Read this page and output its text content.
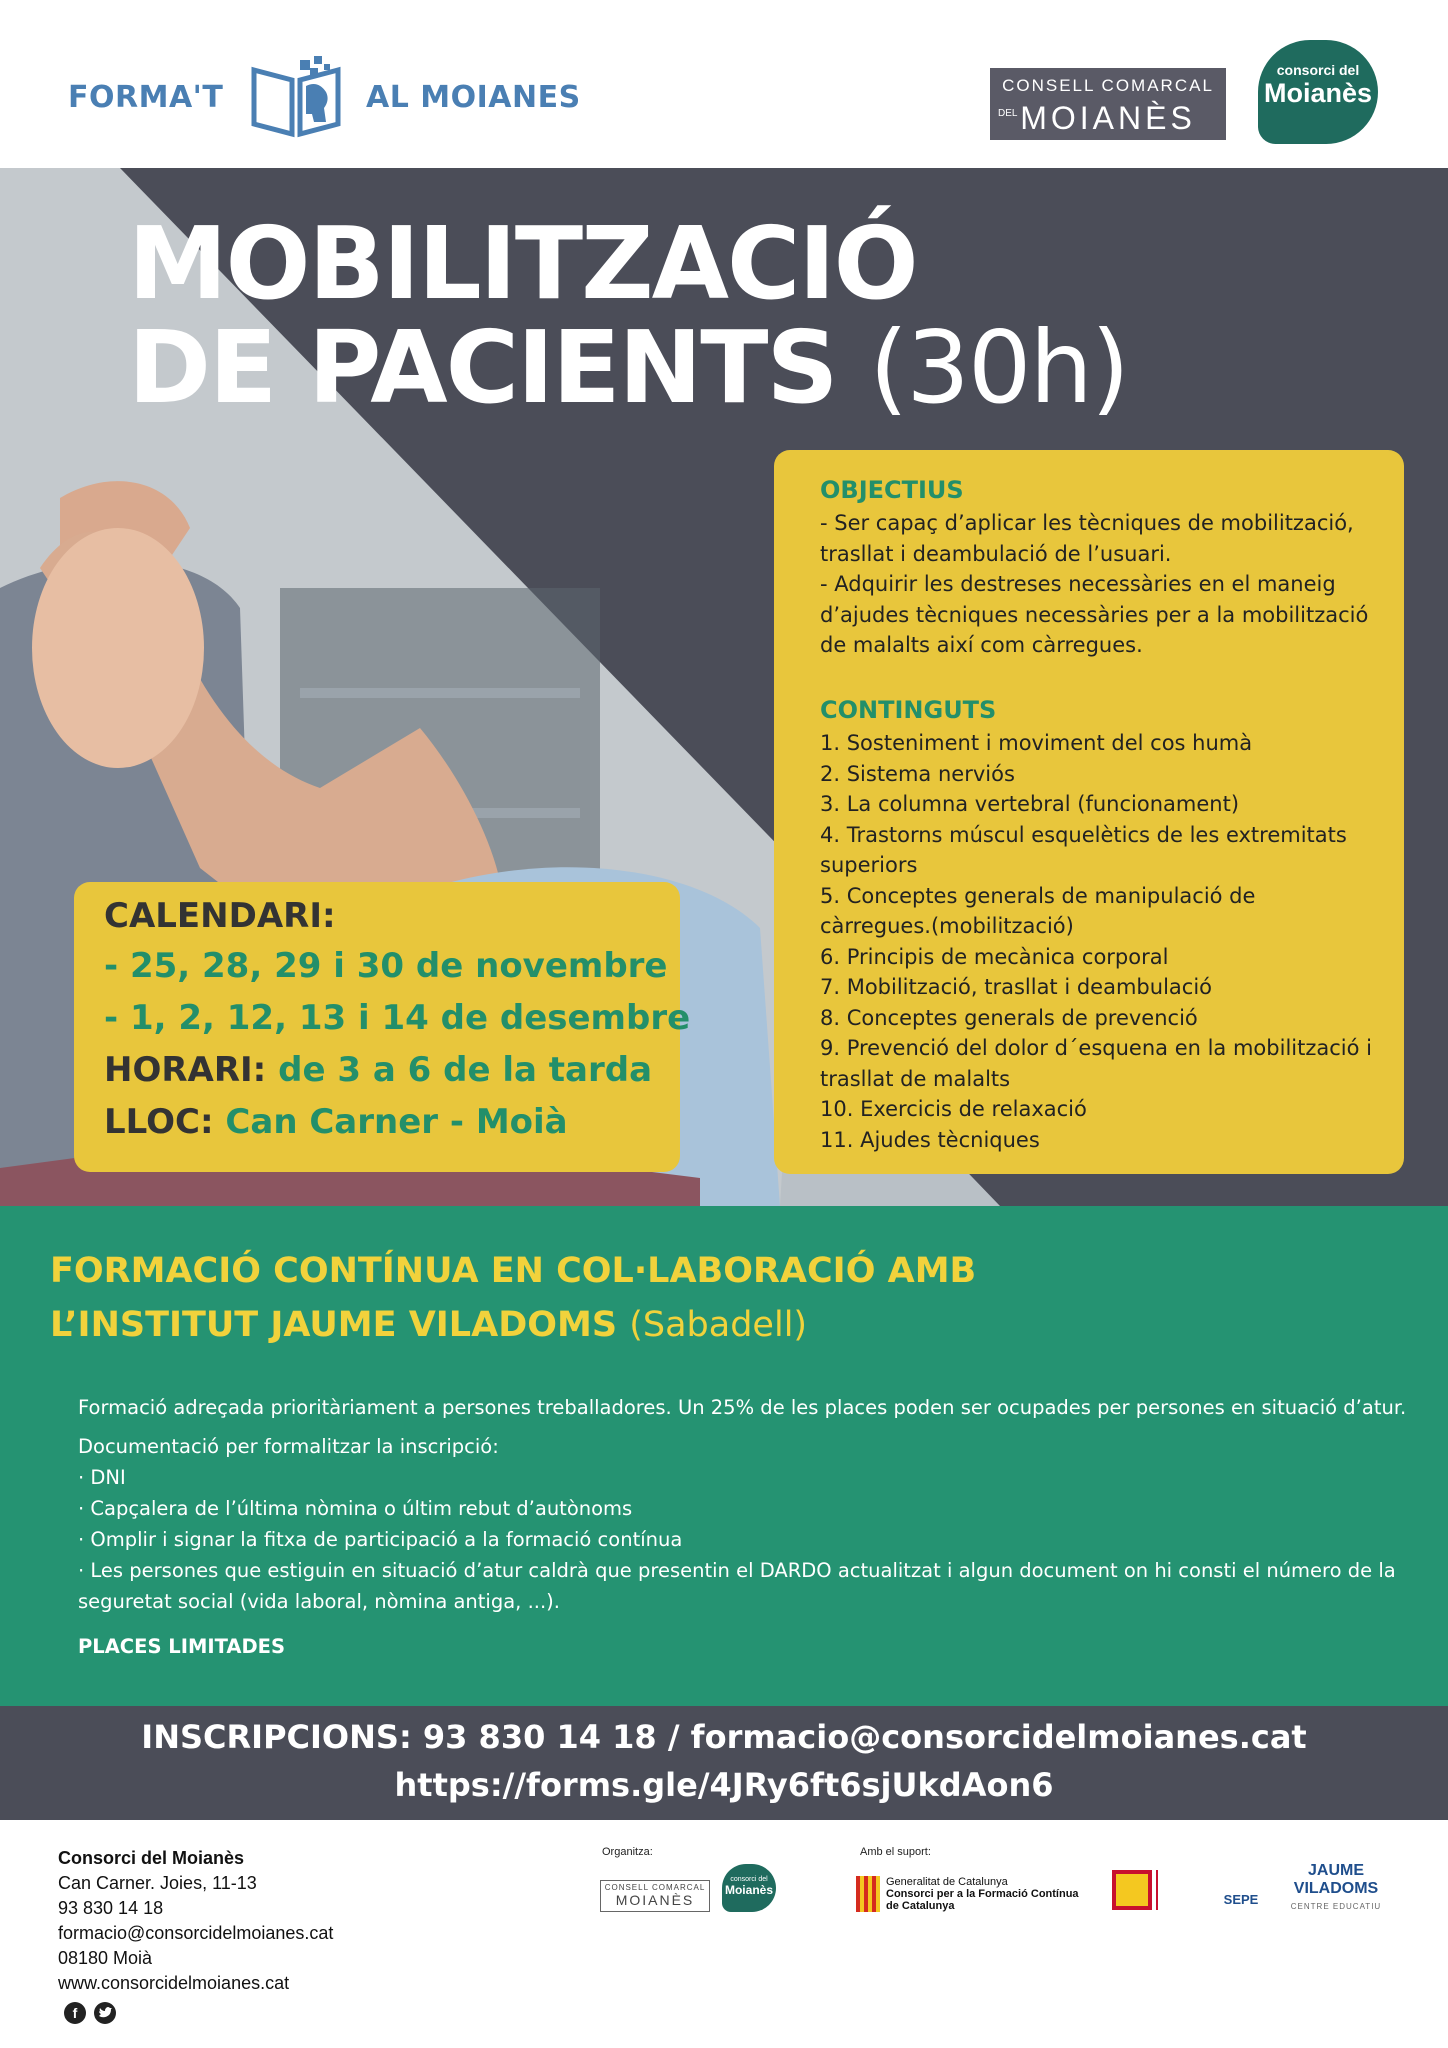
FORMA'T	AL MOIANES	CONSELL COMARCAL
DEL MOIANÈS
consorci del
Moianès
MOBILITZACIÓ
DE PACIENTS (30h)
OBJECTIUS
- Ser capaç d’aplicar les tècniques de mobilització,
trasllat i deambulació de l’usuari.
- Adquirir les destreses necessàries en el maneig
d’ajudes tècniques necessàries per a la mobilització
de malalts així com càrregues.
CONTINGUTS
1. Sosteniment i moviment del cos humà
2. Sistema nerviós
3. La columna vertebral (funcionament)
4. Trastorns múscul esquelètics de les extremitats
superiors
5. Conceptes generals de manipulació de
càrregues.(mobilització)
6. Principis de mecànica corporal
7. Mobilització, trasllat i deambulació
8. Conceptes generals de prevenció
9. Prevenció del dolor d´esquena en la mobilització i
trasllat de malalts
10. Exercicis de relaxació
11. Ajudes tècniques
CALENDARI:
- 25, 28, 29 i 30 de novembre
- 1, 2, 12, 13 i 14 de desembre
HORARI: de 3 a 6 de la tarda
LLOC: Can Carner - Moià
FORMACIÓ CONTÍNUA EN COL·LABORACIÓ AMB
L’INSTITUT JAUME VILADOMS (Sabadell)
Formació adreçada prioritàriament a persones treballadores. Un 25% de les places poden ser ocupades per persones en situació d’atur.
Documentació per formalitzar la inscripció:
· DNI
· Capçalera de l’última nòmina o últim rebut d’autònoms
· Omplir i signar la fitxa de participació a la formació contínua
· Les persones que estiguin en situació d’atur caldrà que presentin el DARDO actualitzat i algun document on hi consti el número de la
seguretat social (vida laboral, nòmina antiga, ...).
PLACES LIMITADES
INSCRIPCIONS: 93 830 14 18 / formacio@consorcidelmoianes.cat
https://forms.gle/4JRy6ft6sjUkdAon6
Consorci del Moianès
Can Carner. Joies, 11-13
93 830 14 18
formacio@consorcidelmoianes.cat
08180 Moià
www.consorcidelmoianes.cat
f
Organitza:
CONSELL COMARCAL
MOIANÈS
consorci del
Moianès
Amb el suport:
Generalitat de Catalunya
Consorci per a la Formació Contínua
de Catalunya	SEPE
JAUME
VILADOMS
CENTRE EDUCATIU
